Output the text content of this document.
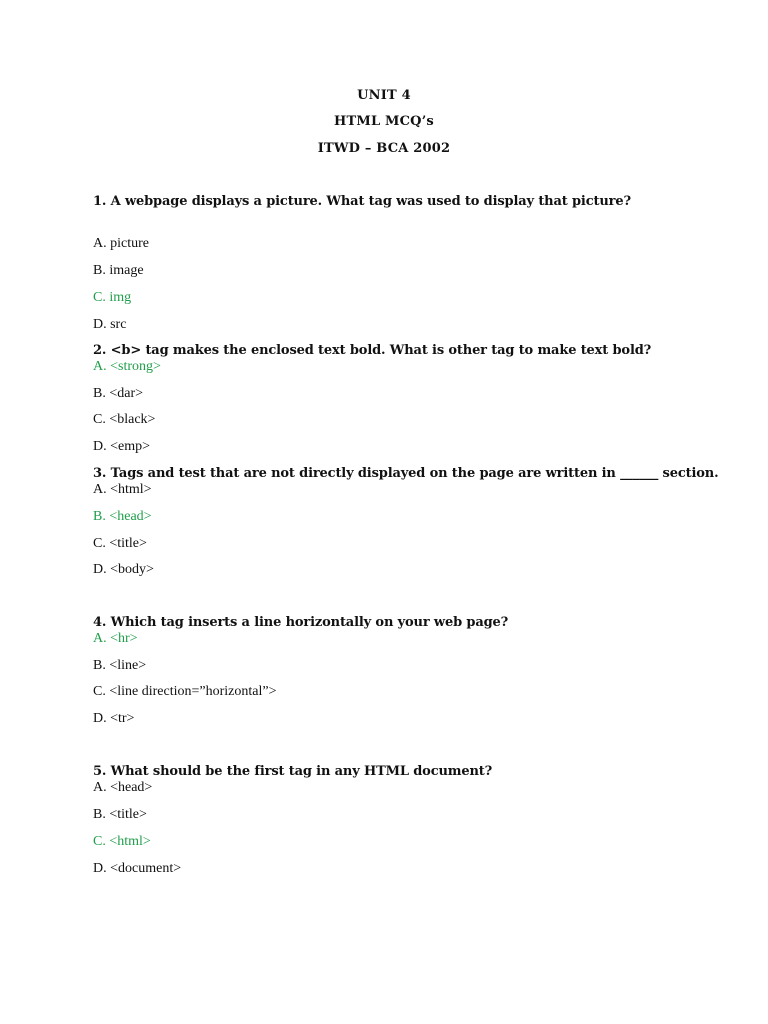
UNIT 4
HTML MCQ’s
ITWD – BCA 2002
1. A webpage displays a picture. What tag was used to display that picture?
A. picture
B. image
C. img
D. src
2. <b> tag makes the enclosed text bold. What is other tag to make text bold?
A. <strong>
B. <dar>
C. <black>
D. <emp>
3. Tags and test that are not directly displayed on the page are written in ______ section.
A. <html>
B. <head>
C. <title>
D. <body>
4. Which tag inserts a line horizontally on your web page?
A. <hr>
B. <line>
C. <line direction=”horizontal”>
D. <tr>
5. What should be the first tag in any HTML document?
A. <head>
B. <title>
C. <html>
D. <document>
